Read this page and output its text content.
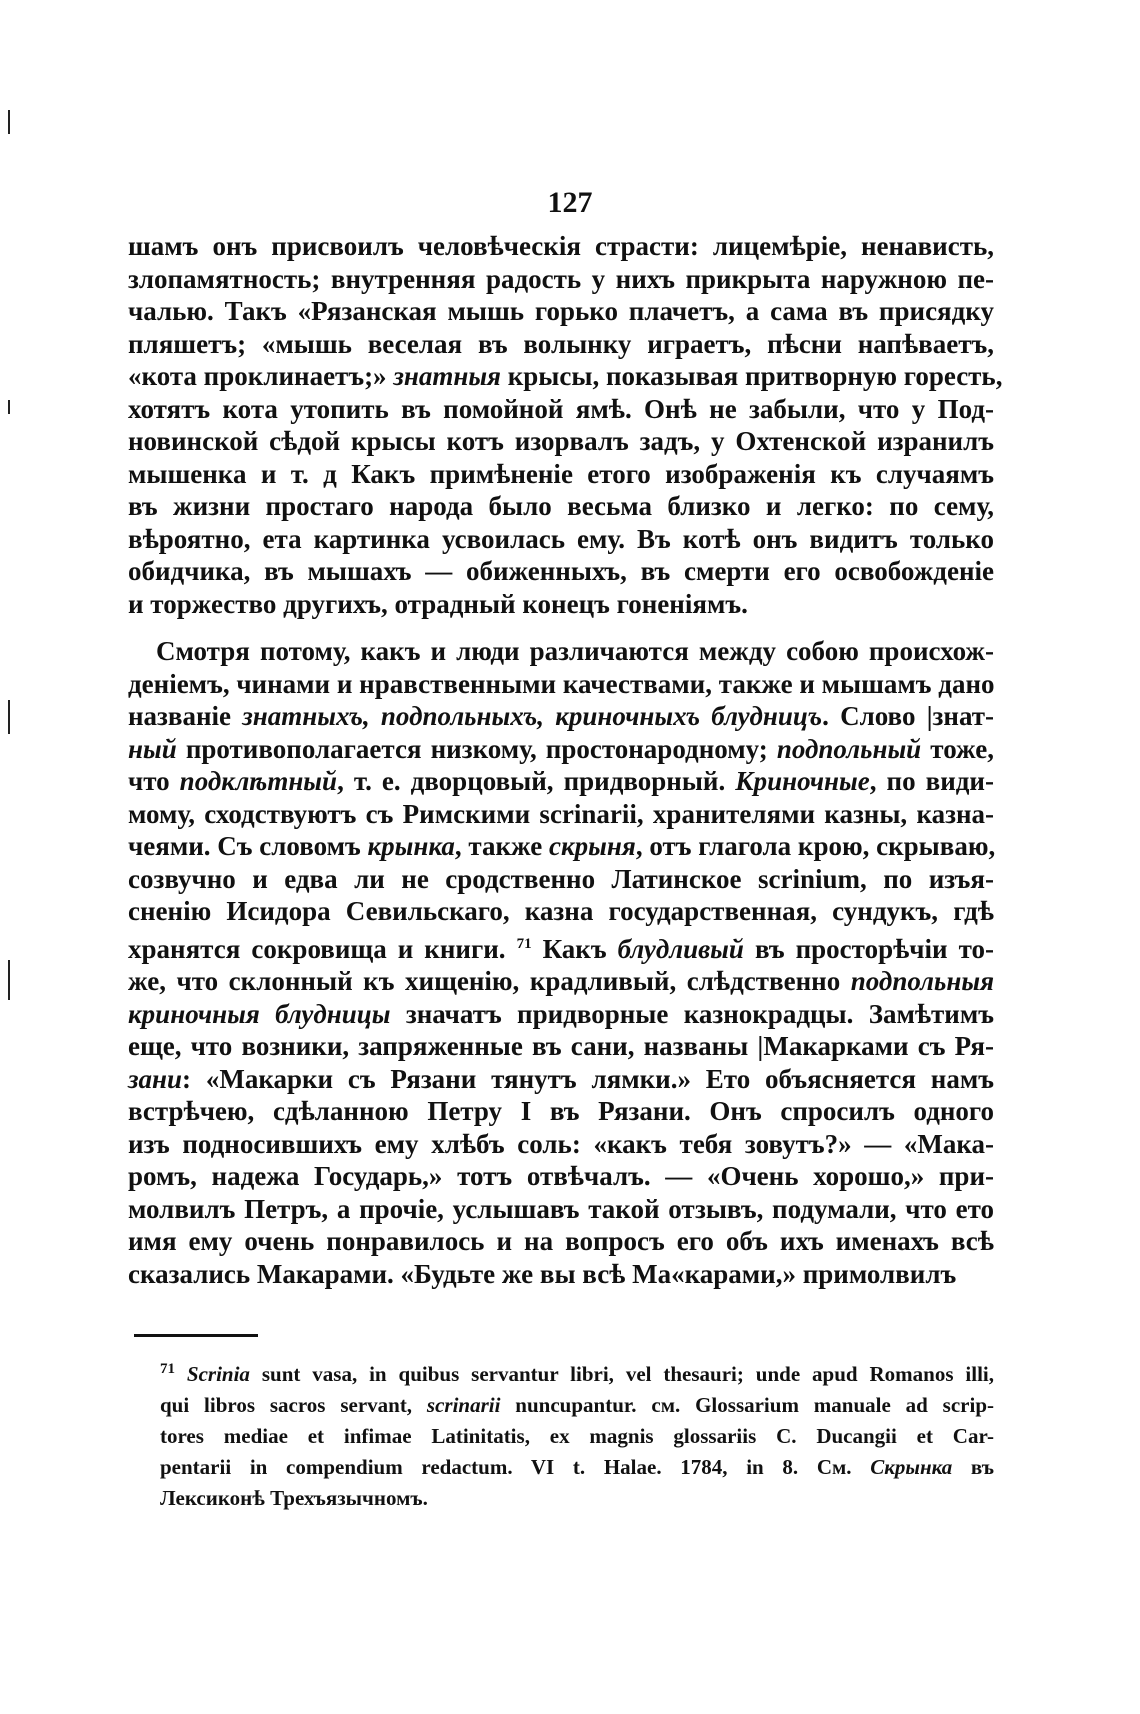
127
шамъ онъ присвоилъ человѣческія страсти: лицемѣріе, ненависть,
злопамятность; внутренняя радость у нихъ прикрыта наружною пе-
чалью. Такъ «Рязанская мышь горько плачетъ, а сама въ присядку
пляшетъ; «мышь веселая въ волынку играетъ, пѣсни напѣваетъ,
«кота проклинаетъ;» знатныя крысы, показывая притворную горесть,
хотятъ кота утопить въ помойной ямѣ. Онѣ не забыли, что у Под-
новинской сѣдой крысы котъ изорвалъ задъ, у Охтенской изранилъ
мышенка и т. д Какъ примѣненіе етого изображенія къ случаямъ
въ жизни простаго народа было весьма близко и легко: по сему,
вѣроятно, ета картинка усвоилась ему. Въ котѣ онъ видитъ только
обидчика, въ мышахъ — обиженныхъ, въ смерти его освобожденіе
и торжество другихъ, отрадный конецъ гоненіямъ.
Смотря потому, какъ и люди различаются между собою происхож-
деніемъ, чинами и нравственными качествами, также и мышамъ дано
названіе знатныхъ, подпольныхъ, криночныхъ блудницъ. Слово |знат-
ный противополагается низкому, простонародному; подпольный тоже,
что подклѣтный, т. е. дворцовый, придворный. Криночные, по види-
мому, сходствуютъ съ Римскими scrinarii, хранителями казны, казна-
чеями. Съ словомъ крынка, также скрыня, отъ глагола крою, скрываю,
созвучно и едва ли не сродственно Латинское scrinium, по изъя-
сненію Исидора Севильскаго, казна государственная, сундукъ, гдѣ
хранятся сокровища и книги. $^{71}$ Какъ блудливый въ просторѣчіи то-
же, что склонный къ хищенію, крадливый, слѣдственно подпольныя
криночныя блудницы значатъ придворные казнокрадцы. Замѣтимъ
еще, что возники, запряженные въ сани, названы |Макарками съ Ря-
зани: «Макарки съ Рязани тянутъ лямки.» Ето объясняется намъ
встрѣчею, сдѣланною Петру I въ Рязани. Онъ спросилъ одного
изъ подносившихъ ему хлѣбъ соль: «какъ тебя зовутъ?» — «Мака-
ромъ, надежа Государь,» тотъ отвѣчалъ. — «Очень хорошо,» при-
молвилъ Петръ, а прочіе, услышавъ такой отзывъ, подумали, что ето
имя ему очень понравилось и на вопросъ его объ ихъ именахъ всѣ
сказались Макарами. «Будьте же вы всѣ Ма«карами,» примолвилъ
$^{71}$ Scrinia sunt vasa, in quibus servantur libri, vel thesauri; unde apud Romanos illi,
qui libros sacros servant, scrinarii nuncupantur. см. Glossarium manuale ad scrip-
tores mediae et infimae Latinitatis, ex magnis glossariis C. Ducangii et Car-
pentarii in compendium redactum. VI t. Halae. 1784, in 8. См. Скрынка въ
Лексиконѣ Трехъязычномъ.
